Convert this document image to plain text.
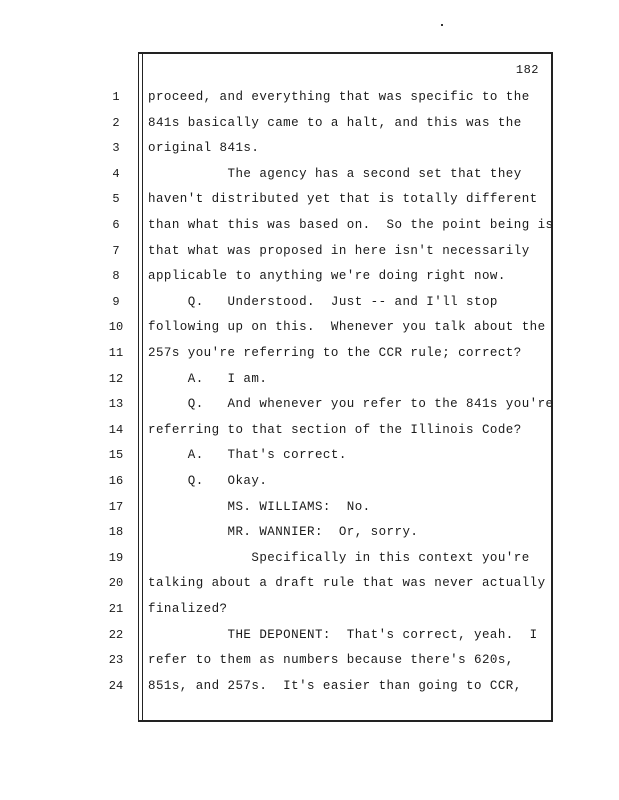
182
1	proceed, and everything that was specific to the
2	841s basically came to a halt, and this was the
3	original 841s.
4	The agency has a second set that they
5	haven't distributed yet that is totally different
6	than what this was based on.  So the point being is
7	that what was proposed in here isn't necessarily
8	applicable to anything we're doing right now.
9	Q.   Understood.  Just -- and I'll stop
10	following up on this.  Whenever you talk about the
11	257s you're referring to the CCR rule; correct?
12	A.   I am.
13	Q.   And whenever you refer to the 841s you're
14	referring to that section of the Illinois Code?
15	A.   That's correct.
16	Q.   Okay.
17	MS. WILLIAMS:  No.
18	MR. WANNIER:  Or, sorry.
19	Specifically in this context you're
20	talking about a draft rule that was never actually
21	finalized?
22	THE DEPONENT:  That's correct, yeah.  I
23	refer to them as numbers because there's 620s,
24	851s, and 257s.  It's easier than going to CCR,
